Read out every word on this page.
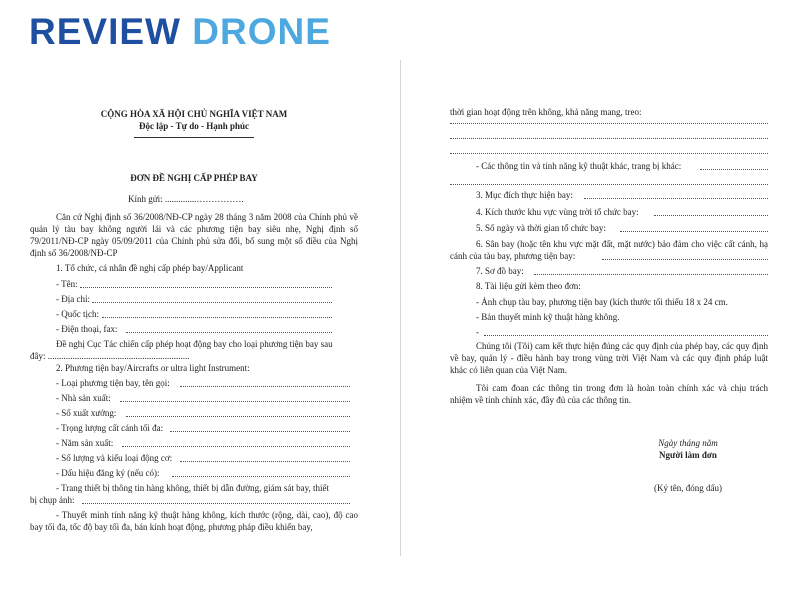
REVIEW DRONE
CỘNG HÒA XÃ HỘI CHỦ NGHĨA VIỆT NAM
Độc lập - Tự do - Hạnh phúc
ĐƠN ĐỀ NGHỊ CẤP PHÉP BAY
Kính gửi: ..............…………….
Căn cứ Nghị định số 36/2008/NĐ-CP ngày 28 tháng 3 năm 2008 của Chính phủ về quản lý tàu bay không người lái và các phương tiện bay siêu nhẹ, Nghị định số 79/2011/NĐ-CP ngày 05/09/2011 của Chính phủ sửa đổi, bổ sung một số điều của Nghị định số 36/2008/NĐ-CP
1. Tổ chức, cá nhân đề nghị cấp phép bay/Applicant
- Tên:
- Địa chỉ:
- Quốc tịch:
- Điện thoại, fax:
Đề nghị Cục Tác chiến cấp phép hoạt động bay cho loại phương tiện bay sau
đây: ...............................................................
2. Phương tiện bay/Aircrafts or ultra light Instrument:
- Loại phương tiện bay, tên gọi:
- Nhà sản xuất:
- Số xuất xưởng:
- Trọng lượng cất cánh tối đa:
- Năm sản xuất:
- Số lượng và kiểu loại động cơ:
- Dấu hiệu đăng ký (nếu có):
- Trang thiết bị thông tin hàng không, thiết bị dẫn đường, giám sát bay, thiết
bị chụp ảnh:
- Thuyết minh tính năng kỹ thuật hàng không, kích thước (rộng, dài, cao), độ cao bay tối đa, tốc độ bay tối đa, bán kính hoạt động, phương pháp điều khiển bay,
thời gian hoạt động trên không, khả năng mang, treo:
- Các thông tin và tính năng kỹ thuật khác, trang bị khác:
3. Mục đích thực hiện bay:
4. Kích thước khu vực vùng trời tổ chức bay:
5. Số ngày và thời gian tổ chức bay:
6. Sân bay (hoặc tên khu vực mặt đất, mặt nước) bảo đảm cho việc cất cánh, hạ cánh của tàu bay, phương tiện bay:
7. Sơ đồ bay:
8. Tài liệu gửi kèm theo đơn:
- Ảnh chụp tàu bay, phương tiện bay (kích thước tối thiểu 18 x 24 cm.
- Bản thuyết minh kỹ thuật hàng không.
-
Chúng tôi (Tôi) cam kết thực hiện đúng các quy định của phép bay, các quy định về bay, quản lý - điều hành bay trong vùng trời Việt Nam và các quy định pháp luật khác có liên quan của Việt Nam.
Tôi cam đoan các thông tin trong đơn là hoàn toàn chính xác và chịu trách nhiệm về tính chính xác, đầy đủ của các thông tin.
Ngày tháng năm
Người làm đơn
(Ký tên, đóng dấu)
